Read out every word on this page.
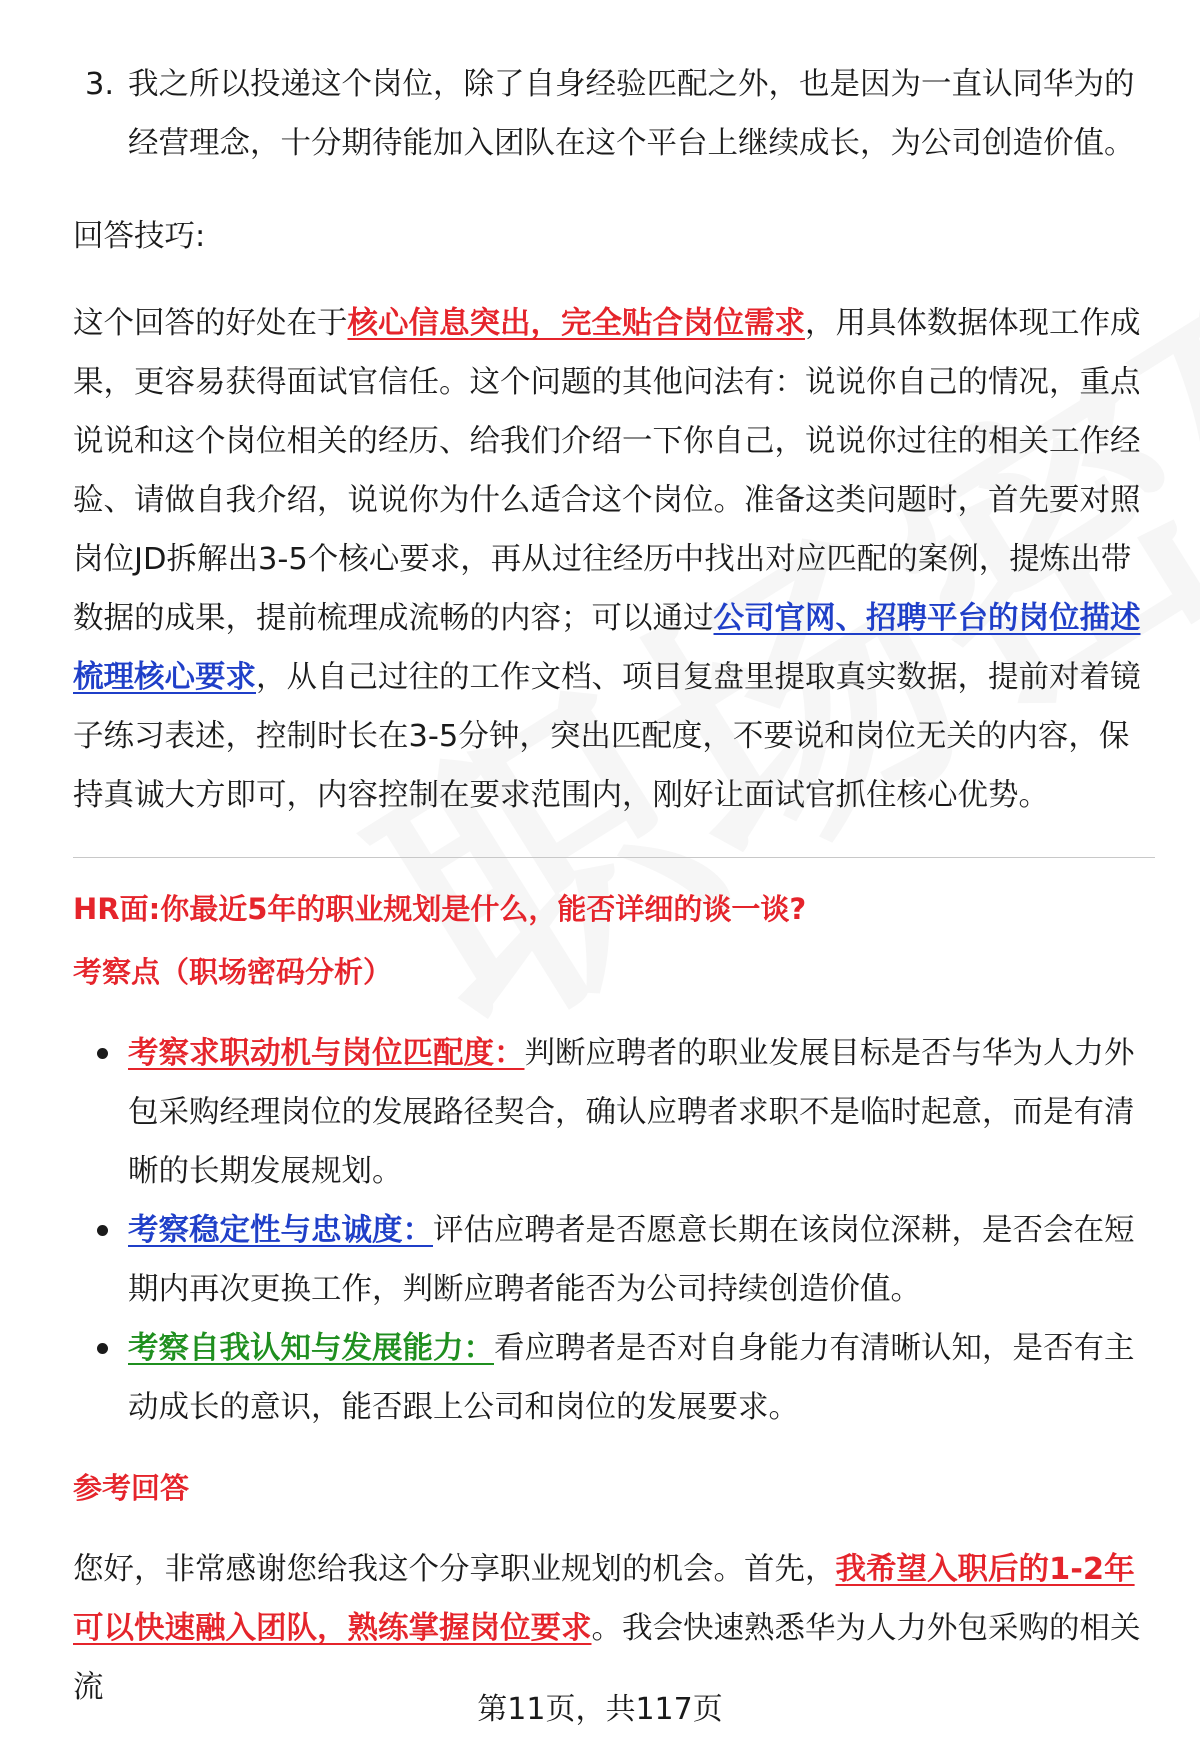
3. 我之所以投递这个岗位，除了自身经验匹配之外，也是因为一直认同华为的经营理念，十分期待能加入团队在这个平台上继续成长，为公司创造价值。

回答技巧:

这个回答的好处在于核心信息突出，完全贴合岗位需求，用具体数据体现工作成果，更容易获得面试官信任。这个问题的其他问法有：说说你自己的情况，重点说说和这个岗位相关的经历、给我们介绍一下你自己，说说你过往的相关工作经验、请做自我介绍，说说你为什么适合这个岗位。准备这类问题时，首先要对照岗位JD拆解出3-5个核心要求，再从过往经历中找出对应匹配的案例，提炼出带数据的成果，提前梳理成流畅的内容；可以通过公司官网、招聘平台的岗位描述梳理核心要求，从自己过往的工作文档、项目复盘里提取真实数据，提前对着镜子练习表述，控制时长在3-5分钟，突出匹配度，不要说和岗位无关的内容，保持真诚大方即可，内容控制在要求范围内，刚好让面试官抓住核心优势。

HR面:你最近5年的职业规划是什么，能否详细的谈一谈?

考察点（职场密码分析）

考察求职动机与岗位匹配度：判断应聘者的职业发展目标是否与华为人力外包采购经理岗位的发展路径契合，确认应聘者求职不是临时起意，而是有清晰的长期发展规划。
考察稳定性与忠诚度：评估应聘者是否愿意长期在该岗位深耕，是否会在短期内再次更换工作，判断应聘者能否为公司持续创造价值。
考察自我认知与发展能力：看应聘者是否对自身能力有清晰认知，是否有主动成长的意识，能否跟上公司和岗位的发展要求。

参考回答

您好，非常感谢您给我这个分享职业规划的机会。首先，我希望入职后的1-2年可以快速融入团队，熟练掌握岗位要求。我会快速熟悉华为人力外包采购的相关流

第11页，共117页
